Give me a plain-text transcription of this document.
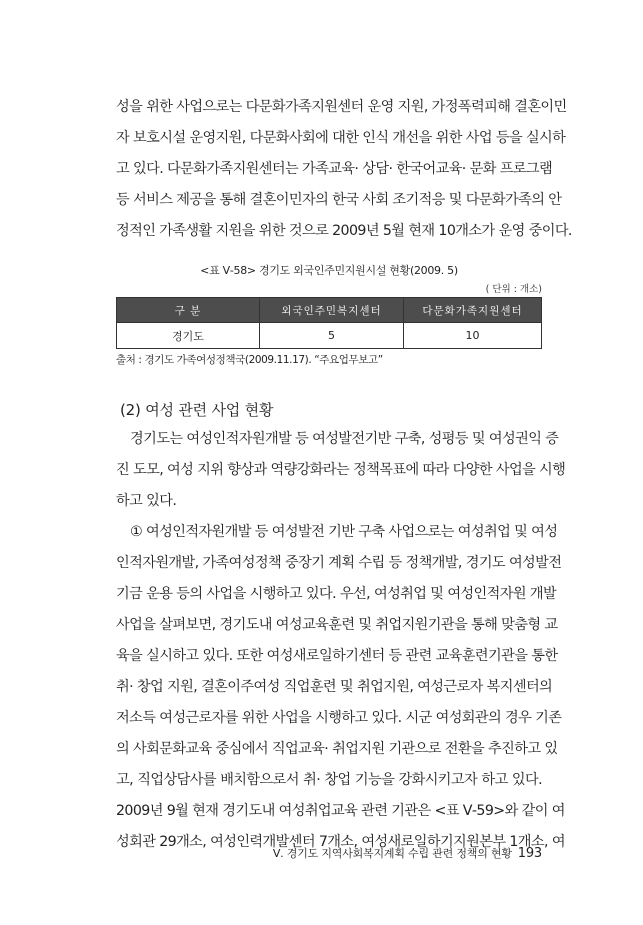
성을 위한 사업으로는 다문화가족지원센터 운영 지원, 가정폭력피해 결혼이민
자 보호시설 운영지원, 다문화사회에 대한 인식 개선을 위한 사업 등을 실시하
고 있다. 다문화가족지원센터는 가족교육· 상담· 한국어교육· 문화 프로그램
등 서비스 제공을 통해 결혼이민자의 한국 사회 조기적응 및 다문화가족의 안
정적인 가족생활 지원을 위한 것으로 2009년 5월 현재 10개소가 운영 중이다.
<표 Ⅴ-58> 경기도 외국인주민지원시설 현황(2009. 5)
( 단위 : 개소)
구 분	외국인주민복지센터	다문화가족지원센터
경기도	5	10
출처 : 경기도 가족여성정책국(2009.11.17). “주요업무보고”
(2) 여성 관련 사업 현황
경기도는 여성인적자원개발 등 여성발전기반 구축, 성평등 및 여성권익 증
진 도모, 여성 지위 향상과 역량강화라는 정책목표에 따라 다양한 사업을 시행
하고 있다.
① 여성인적자원개발 등 여성발전 기반 구축 사업으로는 여성취업 및 여성
인적자원개발, 가족여성정책 중장기 계획 수립 등 정책개발, 경기도 여성발전
기금 운용 등의 사업을 시행하고 있다. 우선, 여성취업 및 여성인적자원 개발
사업을 살펴보면, 경기도내 여성교육훈련 및 취업지원기관을 통해 맞춤형 교
육을 실시하고 있다. 또한 여성새로일하기센터 등 관련 교육훈련기관을 통한
취· 창업 지원, 결혼이주여성 직업훈련 및 취업지원, 여성근로자 복지센터의
저소득 여성근로자를 위한 사업을 시행하고 있다. 시군 여성회관의 경우 기존
의 사회문화교육 중심에서 직업교육· 취업지원 기관으로 전환을 추진하고 있
고, 직업상담사를 배치함으로서 취· 창업 기능을 강화시키고자 하고 있다.
2009년 9월 현재 경기도내 여성취업교육 관련 기관은 <표 Ⅴ-59>와 같이 여
성회관 29개소, 여성인력개발센터 7개소, 여성새로일하기지원본부 1개소, 여
Ⅴ. 경기도 지역사회복지계획 수립 관련 정책의 현황 193
